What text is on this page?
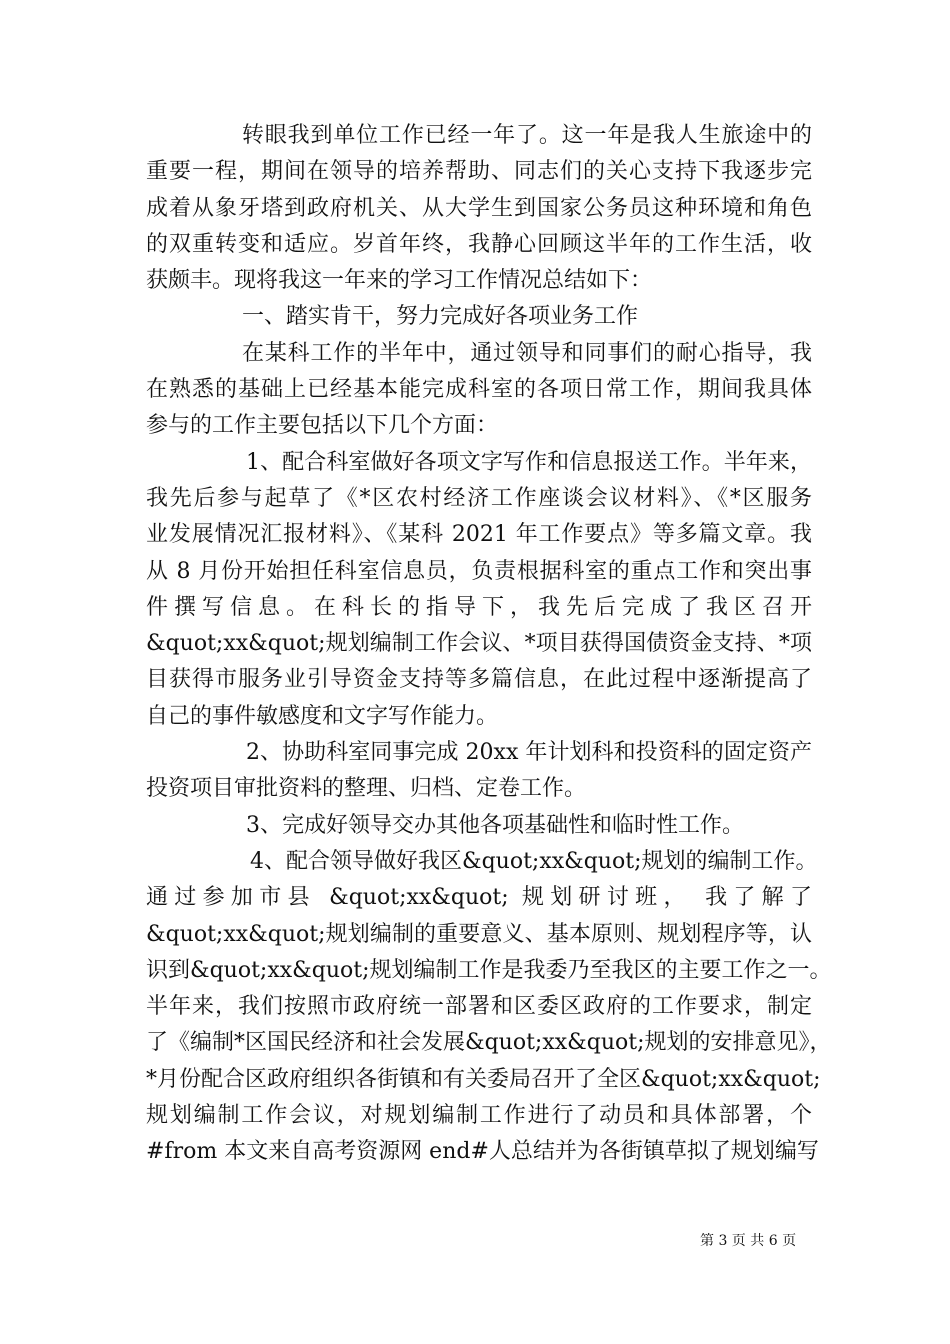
转眼我到单位工作已经一年了。这一年是我人生旅途中的
重要一程，期间在领导的培养帮助、同志们的关心支持下我逐步完
成着从象牙塔到政府机关、从大学生到国家公务员这种环境和角色
的双重转变和适应。岁首年终，我静心回顾这半年的工作生活，收
获颇丰。现将我这一年来的学习工作情况总结如下：
一、踏实肯干，努力完成好各项业务工作
在某科工作的半年中，通过领导和同事们的耐心指导，我
在熟悉的基础上已经基本能完成科室的各项日常工作，期间我具体
参与的工作主要包括以下几个方面：
1、配合科室做好各项文字写作和信息报送工作。半年来，
我先后参与起草了《*区农村经济工作座谈会议材料》、《*区服务
业发展情况汇报材料》、《某科 2021 年工作要点》等多篇文章。我
从 8 月份开始担任科室信息员，负责根据科室的重点工作和突出事
件撰写信息。在科长的指导下，我先后完成了我区召开
&quot;xx&quot;规划编制工作会议、*项目获得国债资金支持、*项
目获得市服务业引导资金支持等多篇信息，在此过程中逐渐提高了
自己的事件敏感度和文字写作能力。
2、协助科室同事完成 20xx 年计划科和投资科的固定资产
投资项目审批资料的整理、归档、定卷工作。
3、完成好领导交办其他各项基础性和临时性工作。
4、配合领导做好我区&quot;xx&quot;规划的编制工作。
通过参加市县 &quot;xx&quot; 规划研讨班， 我了解了
&quot;xx&quot;规划编制的重要意义、基本原则、规划程序等，认
识到&quot;xx&quot;规划编制工作是我委乃至我区的主要工作之一。
半年来，我们按照市政府统一部署和区委区政府的工作要求，制定
了《编制*区国民经济和社会发展&quot;xx&quot;规划的安排意见》，
*月份配合区政府组织各街镇和有关委局召开了全区&quot;xx&quot;
规划编制工作会议，对规划编制工作进行了动员和具体部署，个
#from 本文来自高考资源网 end#人总结并为各街镇草拟了规划编写
第 3 页 共 6 页
